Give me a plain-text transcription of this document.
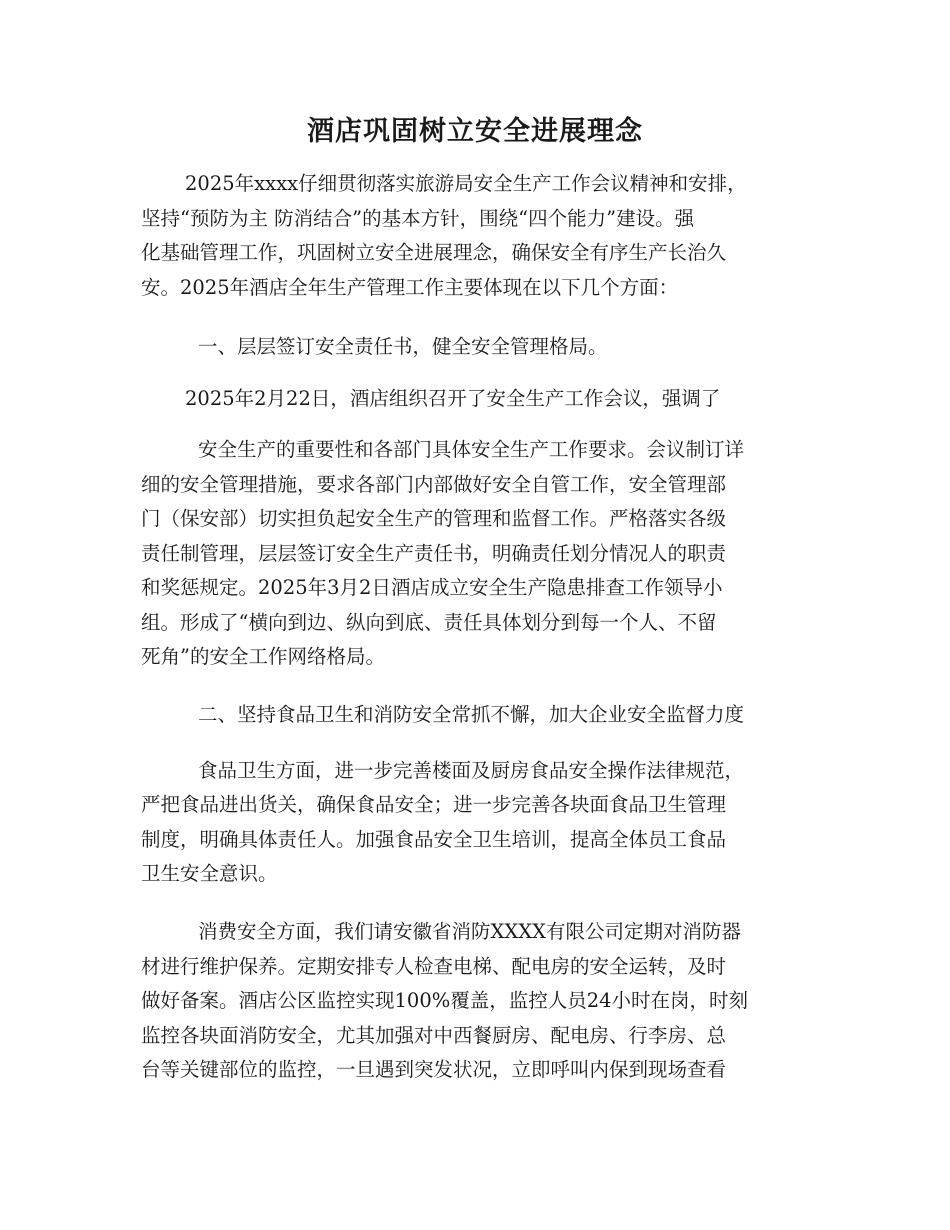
酒店巩固树立安全进展理念
2025年xxxx仔细贯彻落实旅游局安全生产工作会议精神和安排，
坚持“预防为主 防消结合”的基本方针，围绕“四个能力”建设。强
化基础管理工作，巩固树立安全进展理念，确保安全有序生产长治久
安。2025年酒店全年生产管理工作主要体现在以下几个方面：
一、层层签订安全责任书，健全安全管理格局。
2025年2月22日，酒店组织召开了安全生产工作会议，强调了
安全生产的重要性和各部门具体安全生产工作要求。会议制订详
细的安全管理措施，要求各部门内部做好安全自管工作，安全管理部
门（保安部）切实担负起安全生产的管理和监督工作。严格落实各级
责任制管理，层层签订安全生产责任书，明确责任划分情况人的职责
和奖惩规定。2025年3月2日酒店成立安全生产隐患排查工作领导小
组。形成了“横向到边、纵向到底、责任具体划分到每一个人、不留
死角”的安全工作网络格局。
二、坚持食品卫生和消防安全常抓不懈，加大企业安全监督力度
食品卫生方面，进一步完善楼面及厨房食品安全操作法律规范，
严把食品进出货关，确保食品安全；进一步完善各块面食品卫生管理
制度，明确具体责任人。加强食品安全卫生培训，提高全体员工食品
卫生安全意识。
消费安全方面，我们请安徽省消防XXXX有限公司定期对消防器
材进行维护保养。定期安排专人检查电梯、配电房的安全运转，及时
做好备案。酒店公区监控实现100%覆盖，监控人员24小时在岗，时刻
监控各块面消防安全，尤其加强对中西餐厨房、配电房、行李房、总
台等关键部位的监控，一旦遇到突发状况，立即呼叫内保到现场查看
